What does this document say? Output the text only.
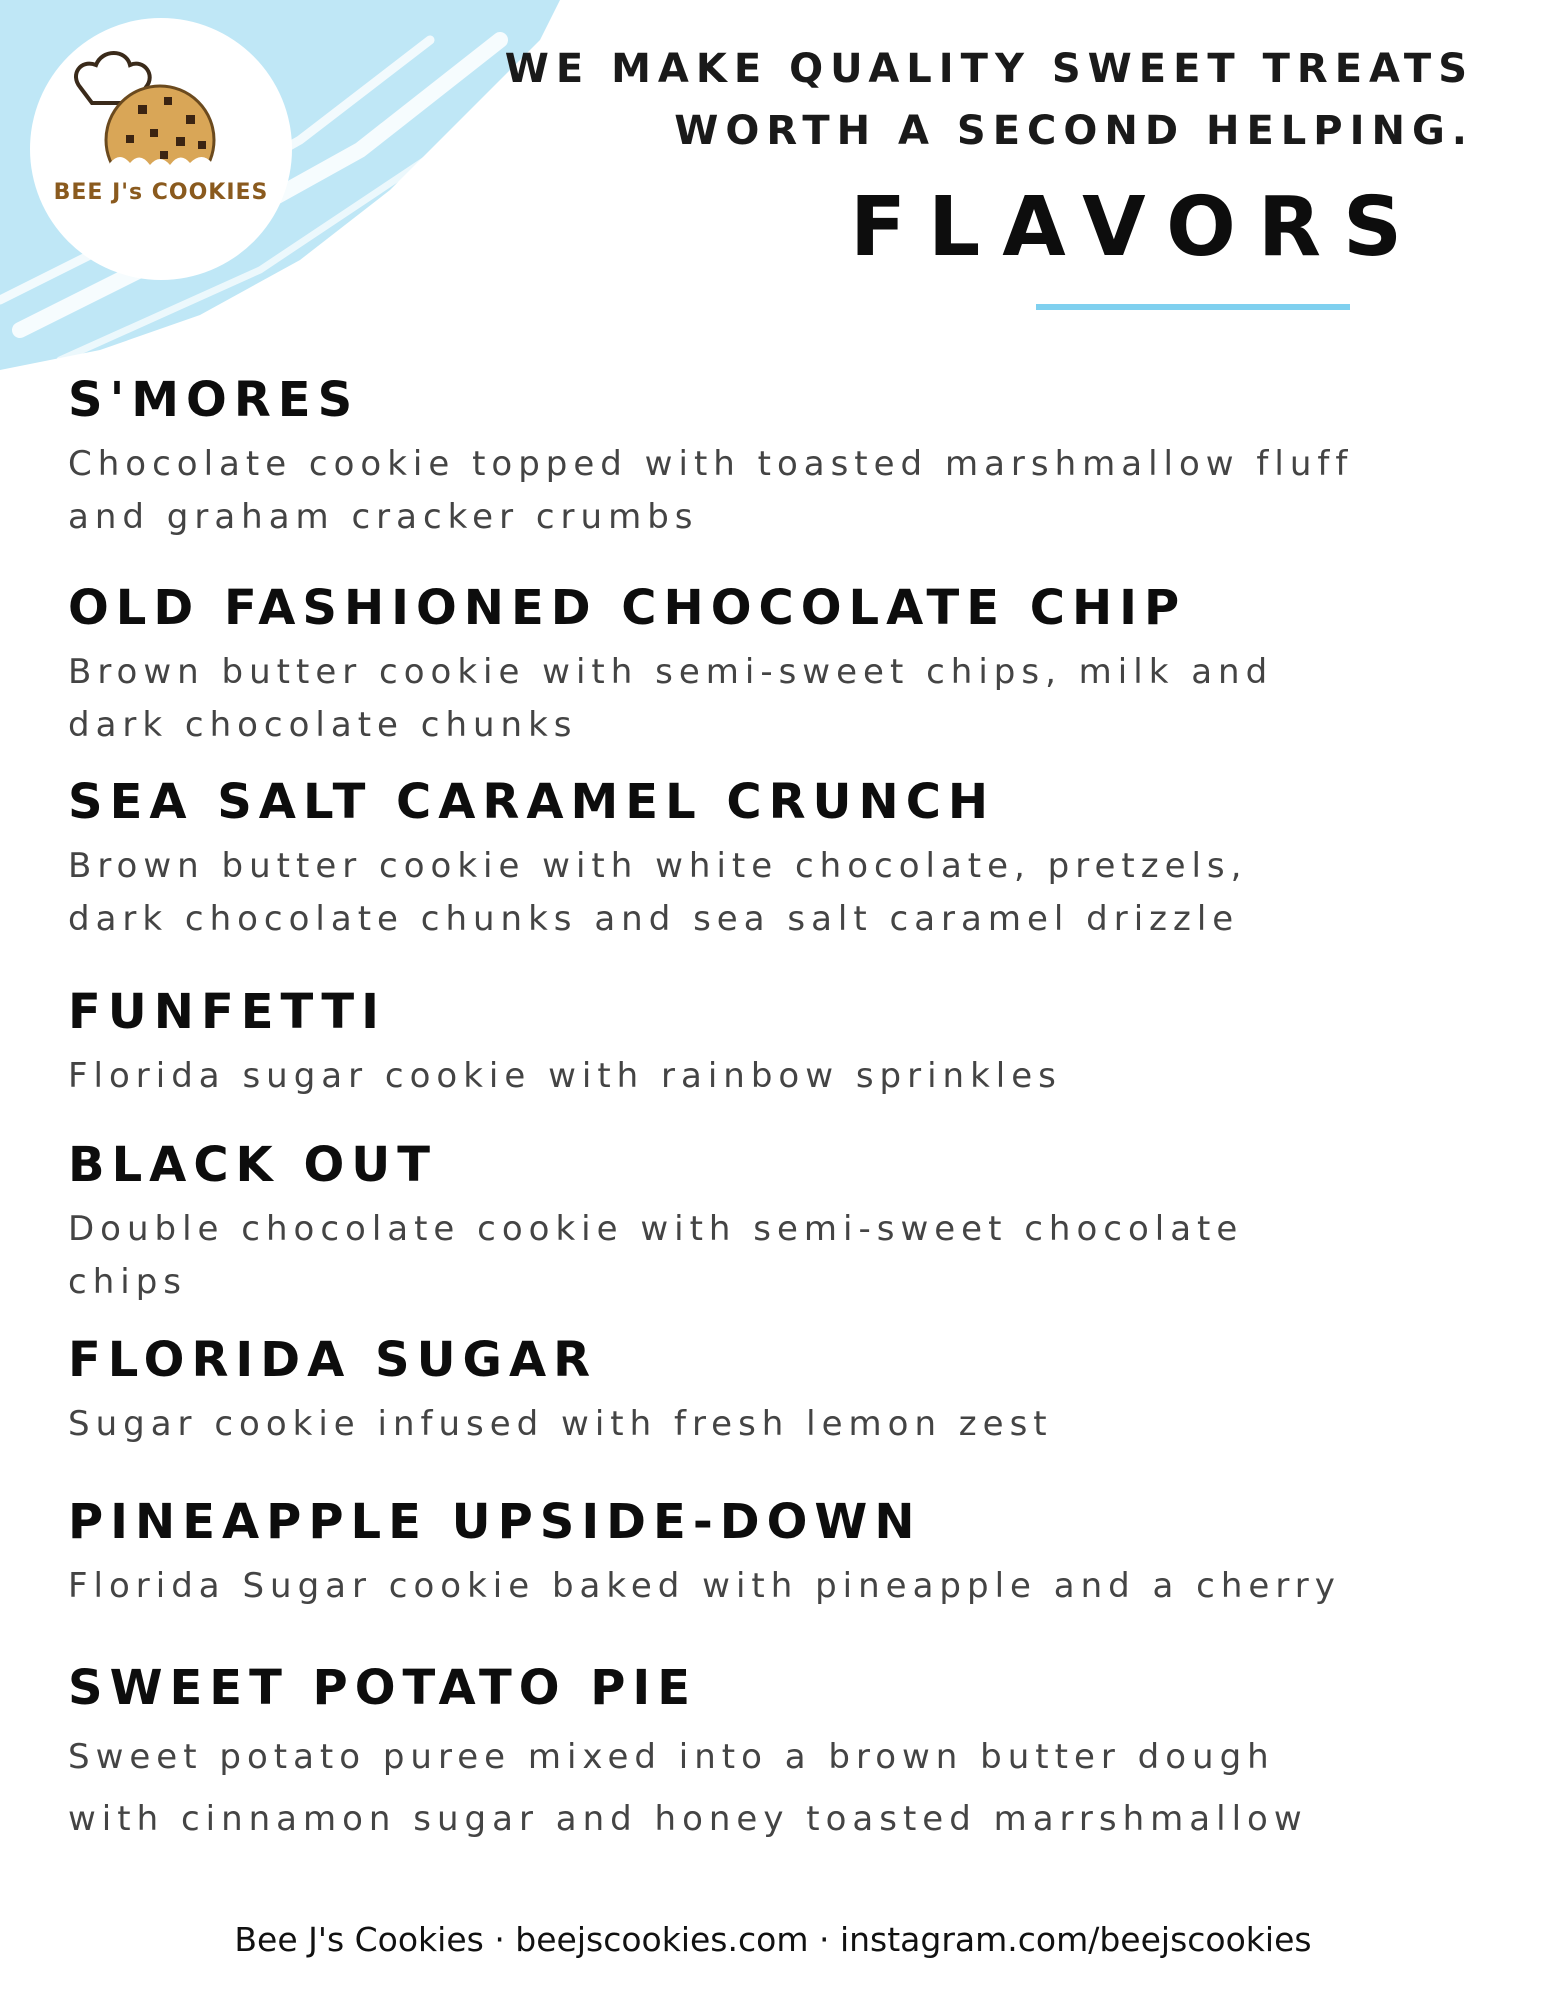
BEE J's COOKIES
WE MAKE QUALITY SWEET TREATS
WORTH A SECOND HELPING.
FLAVORS
S'MORES
Chocolate cookie topped with toasted marshmallow fluff
and graham cracker crumbs
OLD FASHIONED CHOCOLATE CHIP
Brown butter cookie with semi-sweet chips, milk and
dark chocolate chunks
SEA SALT CARAMEL CRUNCH
Brown butter cookie with white chocolate, pretzels,
dark chocolate chunks and sea salt caramel drizzle
FUNFETTI
Florida sugar cookie with rainbow sprinkles
BLACK OUT
Double chocolate cookie with semi-sweet chocolate
chips
FLORIDA SUGAR
Sugar cookie infused with fresh lemon zest
PINEAPPLE UPSIDE-DOWN
Florida Sugar cookie baked with pineapple and a cherry
SWEET POTATO PIE
Sweet potato puree mixed into a brown butter dough
with cinnamon sugar and honey toasted marrshmallow
Bee J's Cookies · beejscookies.com · instagram.com/beejscookies
